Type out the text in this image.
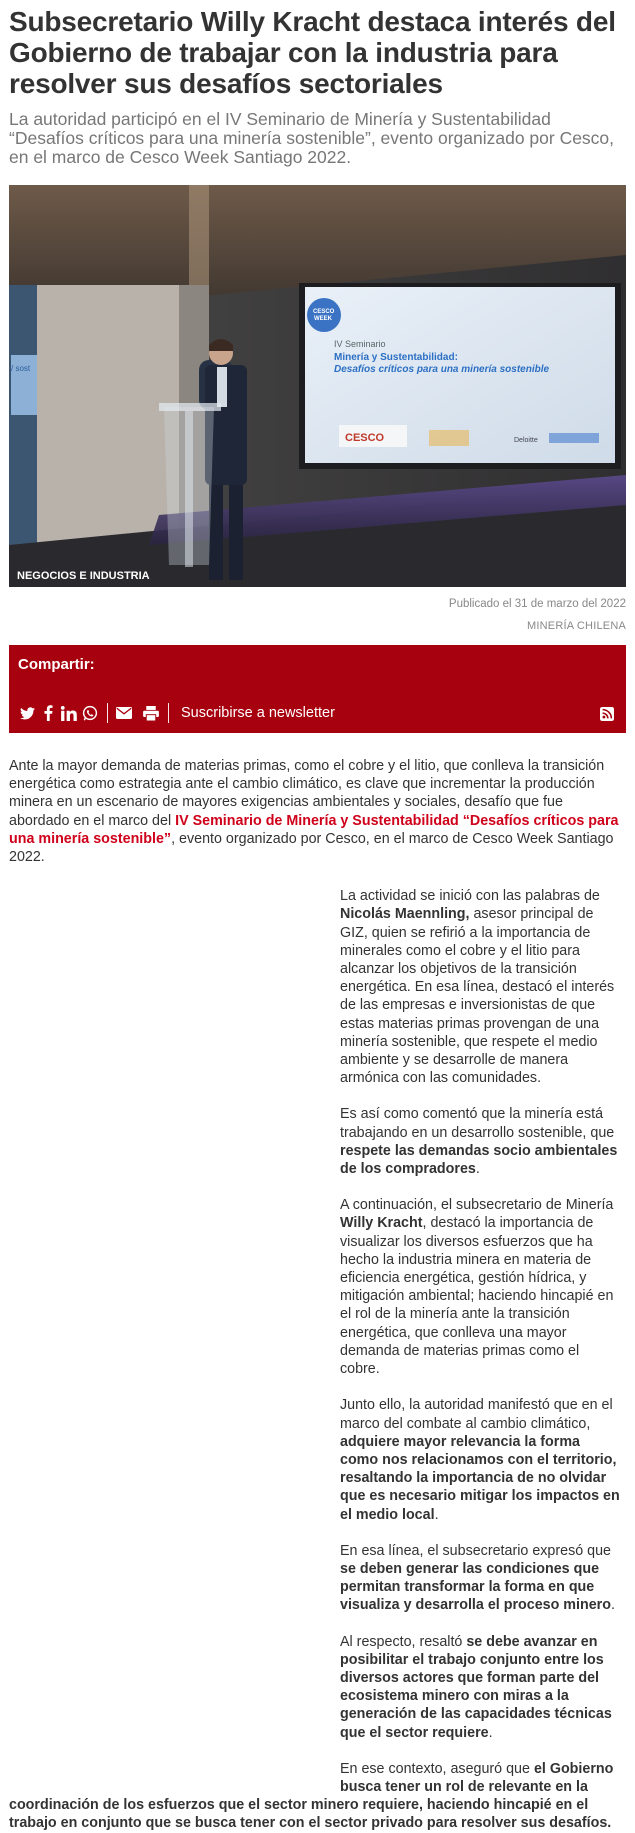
Subsecretario Willy Kracht destaca interés del Gobierno de trabajar con la industria para resolver sus desafíos sectoriales

La autoridad participó en el IV Seminario de Minería y Sustentabilidad “Desafíos críticos para una minería sostenible”, evento organizado por Cesco, en el marco de Cesco Week Santiago 2022.

/ sost
CESCO
WEEK
IV Seminario
Minería y Sustentabilidad:
Desafíos críticos para una minería sostenible
CESCO	Deloitte
NEGOCIOS E INDUSTRIA
Publicado el 31 de marzo del 2022
MINERÍA CHILENA
Compartir:
Suscribirse a newsletter

Ante la mayor demanda de materias primas, como el cobre y el litio, que conlleva la transición energética como estrategia ante el cambio climático, es clave que incrementar la producción minera en un escenario de mayores exigencias ambientales y sociales, desafío que fue abordado en el marco del IV Seminario de Minería y Sustentabilidad “Desafíos críticos para una minería sostenible”, evento organizado por Cesco, en el marco de Cesco Week Santiago 2022.

La actividad se inició con las palabras de Nicolás Maennling, asesor principal de GIZ, quien se refirió a la importancia de minerales como el cobre y el litio para alcanzar los objetivos de la transición energética. En esa línea, destacó el interés de las empresas e inversionistas de que estas materias primas provengan de una minería sostenible, que respete el medio ambiente y se desarrolle de manera armónica con las comunidades.

Es así como comentó que la minería está trabajando en un desarrollo sostenible, que respete las demandas socio ambientales de los compradores.

A continuación, el subsecretario de Minería Willy Kracht, destacó la importancia de visualizar los diversos esfuerzos que ha hecho la industria minera en materia de eficiencia energética, gestión hídrica, y mitigación ambiental; haciendo hincapié en el rol de la minería ante la transición energética, que conlleva una mayor demanda de materias primas como el cobre.

Junto ello, la autoridad manifestó que en el marco del combate al cambio climático, adquiere mayor relevancia la forma como nos relacionamos con el territorio, resaltando la importancia de no olvidar que es necesario mitigar los impactos en el medio local.

En esa línea, el subsecretario expresó que se deben generar las condiciones que permitan transformar la forma en que visualiza y desarrolla el proceso minero.

Al respecto, resaltó se debe avanzar en posibilitar el trabajo conjunto entre los diversos actores que forman parte del ecosistema minero con miras a la generación de las capacidades técnicas que el sector requiere.

En ese contexto, aseguró que el Gobierno busca tener un rol de relevante en la

coordinación de los esfuerzos que el sector minero requiere, haciendo hincapié en el trabajo en conjunto que se busca tener con el sector privado para resolver sus desafíos.
